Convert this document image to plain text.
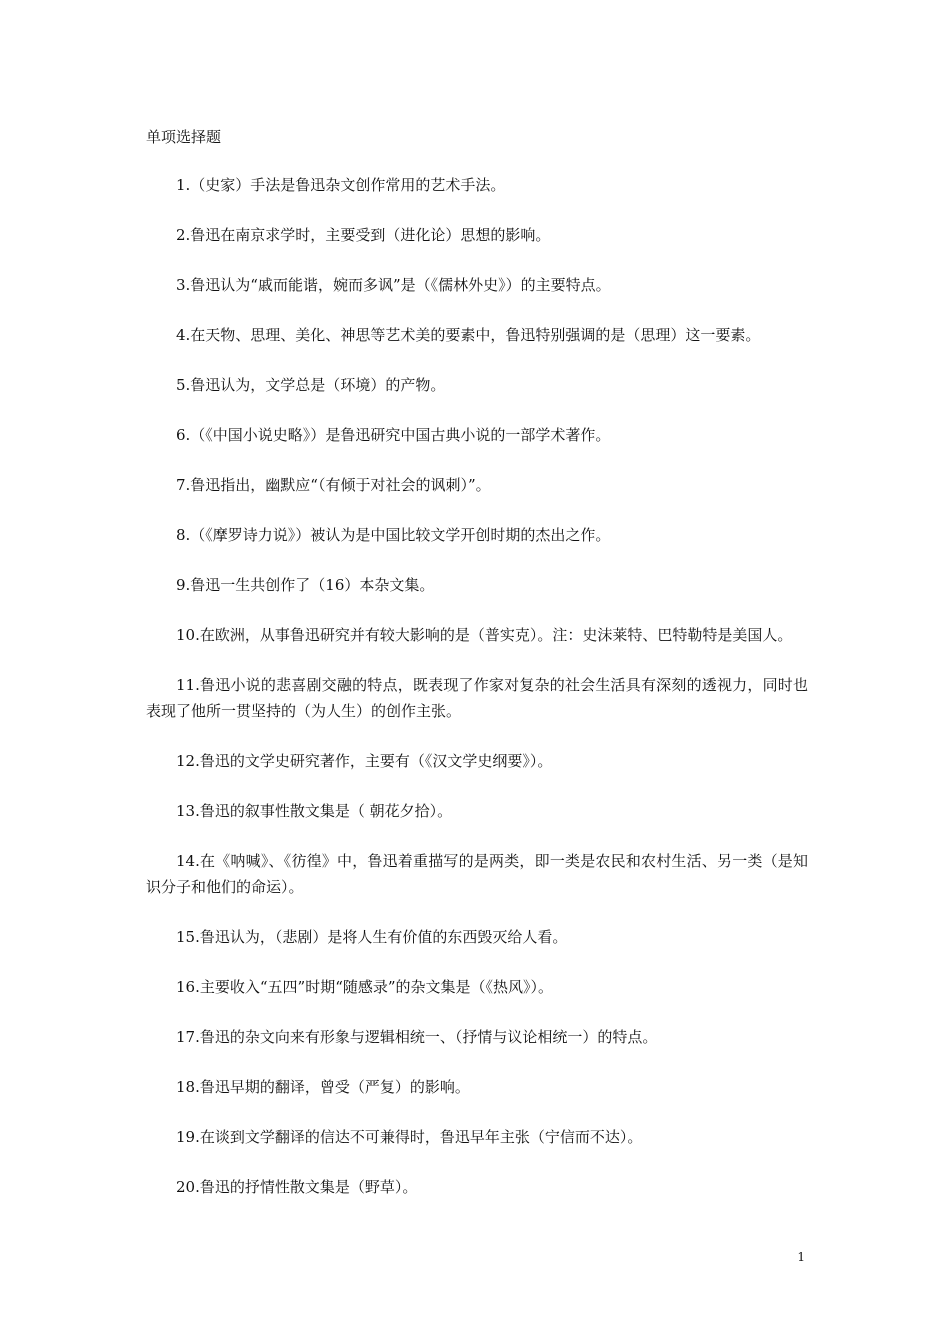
单项选择题
1.（史家）手法是鲁迅杂文创作常用的艺术手法。
2.鲁迅在南京求学时，主要受到（进化论）思想的影响。
3.鲁迅认为“戚而能谐，婉而多讽”是（《儒林外史》）的主要特点。
4.在天物、思理、美化、神思等艺术美的要素中，鲁迅特别强调的是（思理）这一要素。
5.鲁迅认为，文学总是（环境）的产物。
6.（《中国小说史略》）是鲁迅研究中国古典小说的一部学术著作。
7.鲁迅指出，幽默应“（有倾于对社会的讽刺）”。
8.（《摩罗诗力说》）被认为是中国比较文学开创时期的杰出之作。
9.鲁迅一生共创作了（16）本杂文集。
10.在欧洲，从事鲁迅研究并有较大影响的是（普实克）。注：史沫莱特、巴特勒特是美国人。
11.鲁迅小说的悲喜剧交融的特点，既表现了作家对复杂的社会生活具有深刻的透视力，同时也表现了他所一贯坚持的（为人生）的创作主张。
12.鲁迅的文学史研究著作，主要有（《汉文学史纲要》）。
13.鲁迅的叙事性散文集是（ 朝花夕拾）。
14.在《呐喊》、《彷徨》中，鲁迅着重描写的是两类，即一类是农民和农村生活、另一类（是知识分子和他们的命运）。
15.鲁迅认为，（悲剧）是将人生有价值的东西毁灭给人看。
16.主要收入“五四”时期“随感录”的杂文集是（《热风》）。
17.鲁迅的杂文向来有形象与逻辑相统一、（抒情与议论相统一）的特点。
18.鲁迅早期的翻译，曾受（严复）的影响。
19.在谈到文学翻译的信达不可兼得时，鲁迅早年主张（宁信而不达）。
20.鲁迅的抒情性散文集是（野草）。
1
